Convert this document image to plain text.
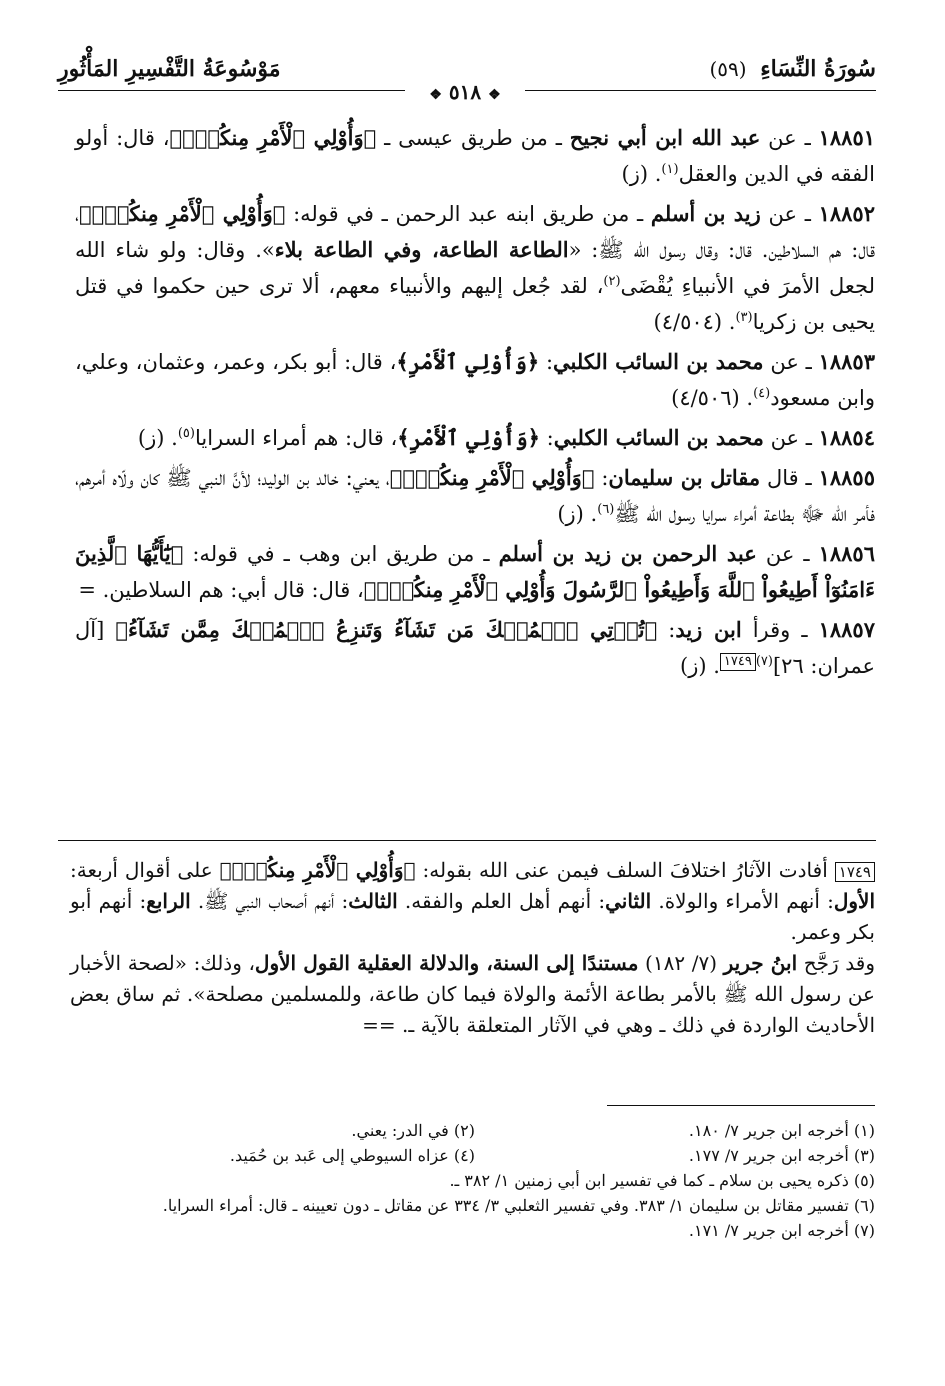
سُورَةُ النِّسَاءِ (٥٩)
مَوْسُوعَةُ التَّفْسِيرِ المَأْثُورِ
❖ ٥١٨ ❖

١٨٨٥١ ـ عن عبد الله ابن أبي نجيح ـ من طريق عيسى ـ ﴿وَأُوْلِي ٱلْأَمْرِ مِنكُمْۖ﴾، قال: أولو الفقه في الدين والعقل$^{(١)}$. (ز)

١٨٨٥٢ ـ عن زيد بن أسلم ـ من طريق ابنه عبد الرحمن ـ في قوله: ﴿وَأُوْلِي ٱلْأَمْرِ مِنكُمْۖ﴾، قال: هم السلاطين. قال: وقال رسول الله ﷺ: «الطاعة الطاعة، وفي الطاعة بلاء». وقال: ولو شاء الله لجعل الأمرَ في الأنبياءِ يُقْضَى$^{(٢)}$، لقد جُعل إليهم والأنبياء معهم، ألا ترى حين حكموا في قتل يحيى بن زكريا$^{(٣)}$. (٤/٥٠٤)

١٨٨٥٣ ـ عن محمد بن السائب الكلبي: ﴿وَأُوْلِي ٱلْأَمْرِ﴾، قال: أبو بكر، وعمر، وعثمان، وعلي، وابن مسعود$^{(٤)}$. (٤/٥٠٦)

١٨٨٥٤ ـ عن محمد بن السائب الكلبي: ﴿وَأُوْلِي ٱلْأَمْرِ﴾، قال: هم أمراء السرايا$^{(٥)}$. (ز)

١٨٨٥٥ ـ قال مقاتل بن سليمان: ﴿وَأُوْلِي ٱلْأَمْرِ مِنكُمْۖ﴾، يعني: خالد بن الوليد؛ لأنَّ النبي ﷺ كان ولّاه أمرهم، فأمر الله ﷻ بطاعة أمراء سرايا رسول الله ﷺ$^{(٦)}$. (ز)

١٨٨٥٦ ـ عن عبد الرحمن بن زيد بن أسلم ـ من طريق ابن وهب ـ في قوله: ﴿يَٰٓأَيُّهَا ٱلَّذِينَ ءَامَنُوٓاْ أَطِيعُواْ ٱللَّهَ وَأَطِيعُواْ ٱلرَّسُولَ وَأُوْلِي ٱلْأَمْرِ مِنكُمْۖ﴾، قال: قال أبي: هم السلاطين. =

١٨٨٥٧ ـ وقرأ ابن زيد: ﴿تُؤۡتِي ٱلۡمُلۡكَ مَن تَشَآءُ وَتَنزِعُ ٱلۡمُلۡكَ مِمَّن تَشَآءُ﴾ [آل عمران: ٢٦]$^{(٧)}$١٧٤٩. (ز)

١٧٤٩ أفادت الآثارُ اختلافَ السلف فيمن عنى الله بقوله: ﴿وَأُوْلِي ٱلْأَمْرِ مِنكُمْۖ﴾ على أقوال أربعة: الأول: أنهم الأمراء والولاة. الثاني: أنهم أهل العلم والفقه. الثالث: أنهم أصحاب النبي ﷺ. الرابع: أنهم أبو بكر وعمر.
وقد رَجَّح ابنُ جرير (٧/ ١٨٢) مستندًا إلى السنة، والدلالة العقلية القول الأول، وذلك: «لصحة الأخبار عن رسول الله ﷺ بالأمر بطاعة الأئمة والولاة فيما كان طاعة، وللمسلمين مصلحة». ثم ساق بعض الأحاديث الواردة في ذلك ـ وهي في الآثار المتعلقة بالآية ـ. ==
(١) أخرجه ابن جرير ٧/ ١٨٠.
(٢) في الدر: يعني.
(٣) أخرجه ابن جرير ٧/ ١٧٧.
(٤) عزاه السيوطي إلى عَبد بن حُمَيد.
(٥) ذكره يحيى بن سلام ـ كما في تفسير ابن أبي زمنين ١/ ٣٨٢ ـ.
(٦) تفسير مقاتل بن سليمان ١/ ٣٨٣. وفي تفسير الثعلبي ٣/ ٣٣٤ عن مقاتل ـ دون تعيينه ـ قال: أمراء السرايا.
(٧) أخرجه ابن جرير ٧/ ١٧١.
